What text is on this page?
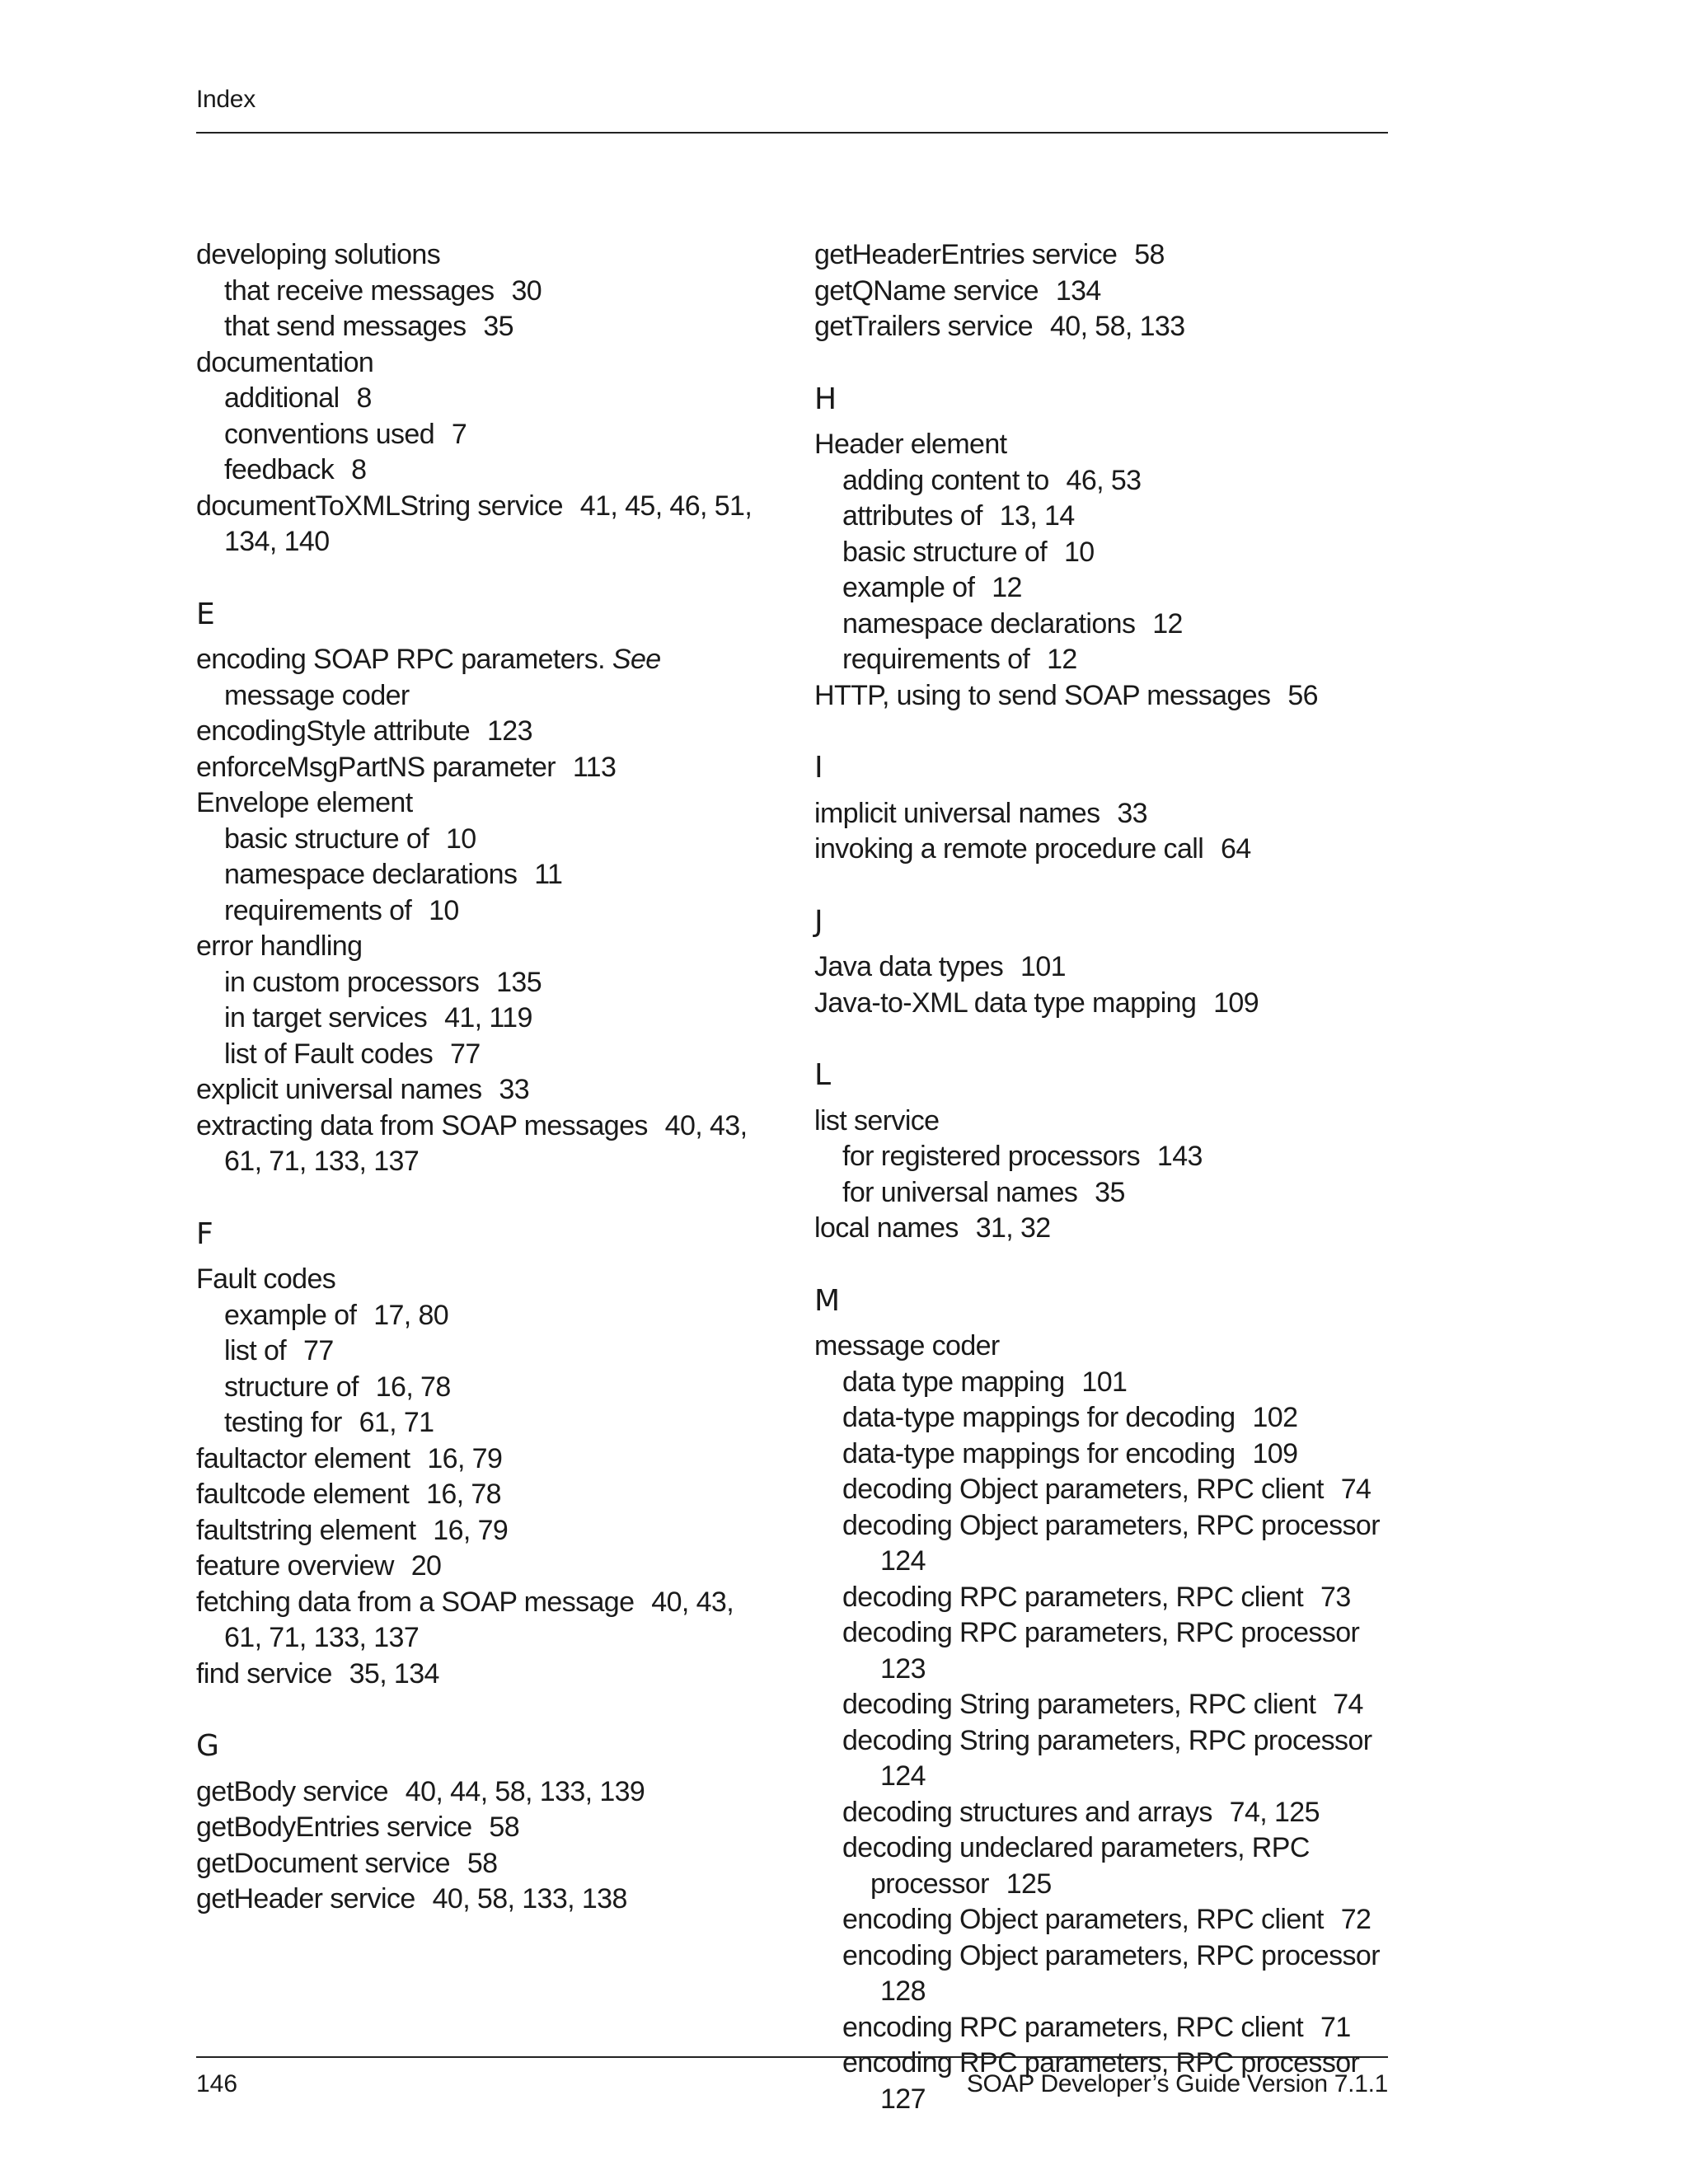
Index
developing solutions
that receive messages 30
that send messages 35
documentation
additional 8
conventions used 7
feedback 8
documentToXMLString service 41, 45, 46, 51, 134, 140
E
encoding SOAP RPC parameters. See message coder
encodingStyle attribute 123
enforceMsgPartNS parameter 113
Envelope element
basic structure of 10
namespace declarations 11
requirements of 10
error handling
in custom processors 135
in target services 41, 119
list of Fault codes 77
explicit universal names 33
extracting data from SOAP messages 40, 43, 61, 71, 133, 137
F
Fault codes
example of 17, 80
list of 77
structure of 16, 78
testing for 61, 71
faultactor element 16, 79
faultcode element 16, 78
faultstring element 16, 79
feature overview 20
fetching data from a SOAP message 40, 43, 61, 71, 133, 137
find service 35, 134
G
getBody service 40, 44, 58, 133, 139
getBodyEntries service 58
getDocument service 58
getHeader service 40, 58, 133, 138
getHeaderEntries service 58
getQName service 134
getTrailers service 40, 58, 133
H
Header element
adding content to 46, 53
attributes of 13, 14
basic structure of 10
example of 12
namespace declarations 12
requirements of 12
HTTP, using to send SOAP messages 56
I
implicit universal names 33
invoking a remote procedure call 64
J
Java data types 101
Java-to-XML data type mapping 109
L
list service
for registered processors 143
for universal names 35
local names 31, 32
M
message coder
data type mapping 101
data-type mappings for decoding 102
data-type mappings for encoding 109
decoding Object parameters, RPC client 74
decoding Object parameters, RPC processor 124
decoding RPC parameters, RPC client 73
decoding RPC parameters, RPC processor 123
decoding String parameters, RPC client 74
decoding String parameters, RPC processor 124
decoding structures and arrays 74, 125
decoding undeclared parameters, RPC processor 125
encoding Object parameters, RPC client 72
encoding Object parameters, RPC processor 128
encoding RPC parameters, RPC client 71
encoding RPC parameters, RPC processor 127
146	SOAP Developer’s Guide Version 7.1.1
